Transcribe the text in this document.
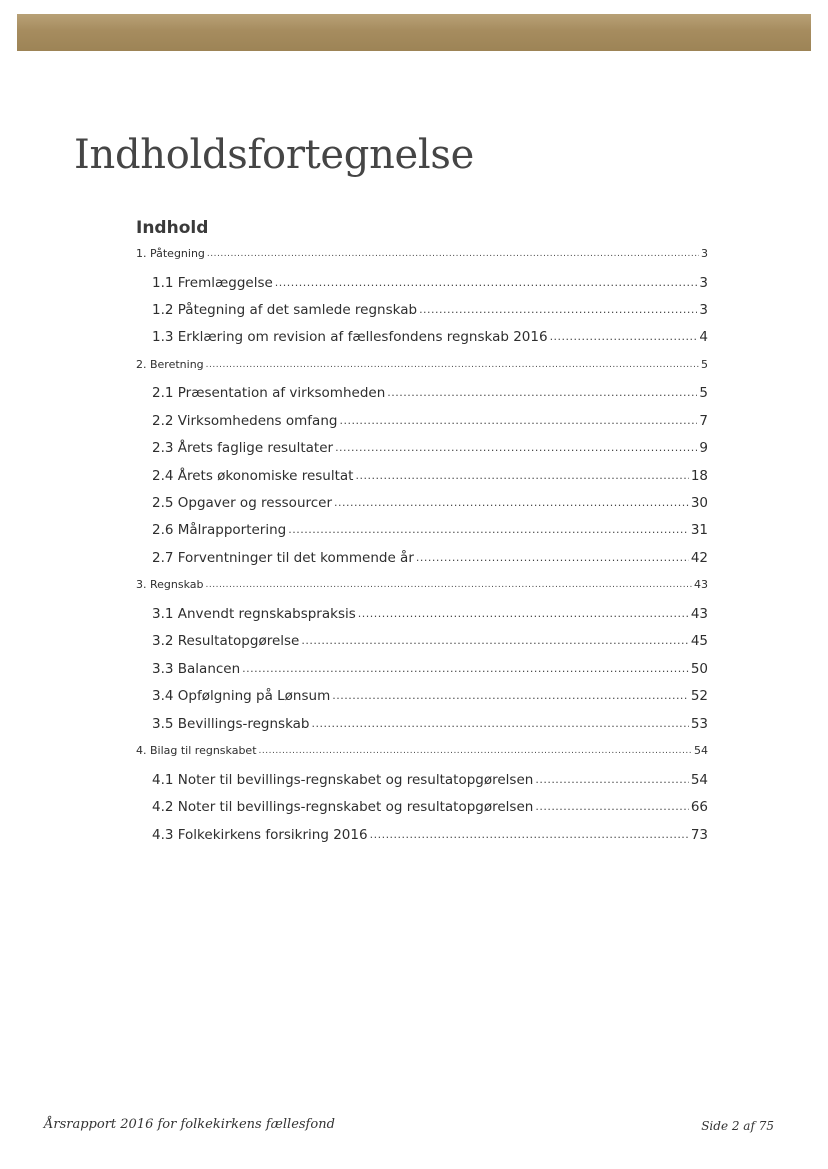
Indholdsfortegnelse
Indhold
1. Påtegning .....	3
1.1 Fremlæggelse .....	3
1.2 Påtegning af det samlede regnskab .....	3
1.3 Erklæring om revision af fællesfondens regnskab 2016 .....	4
2. Beretning .....	5
2.1 Præsentation af virksomheden .....	5
2.2 Virksomhedens omfang .....	7
2.3 Årets faglige resultater .....	9
2.4 Årets økonomiske resultat .....	18
2.5 Opgaver og ressourcer .....	30
2.6 Målrapportering .....	31
2.7 Forventninger til det kommende år .....	42
3. Regnskab .....	43
3.1 Anvendt regnskabspraksis .....	43
3.2 Resultatopgørelse .....	45
3.3 Balancen .....	50
3.4 Opfølgning på Lønsum .....	52
3.5 Bevillings-regnskab .....	53
4. Bilag til regnskabet .....	54
4.1 Noter til bevillings-regnskabet og resultatopgørelsen .....	54
4.2 Noter til bevillings-regnskabet og resultatopgørelsen .....	66
4.3 Folkekirkens forsikring 2016 .....	73
Årsrapport 2016 for folkekirkens fællesfond	Side 2 af 75
